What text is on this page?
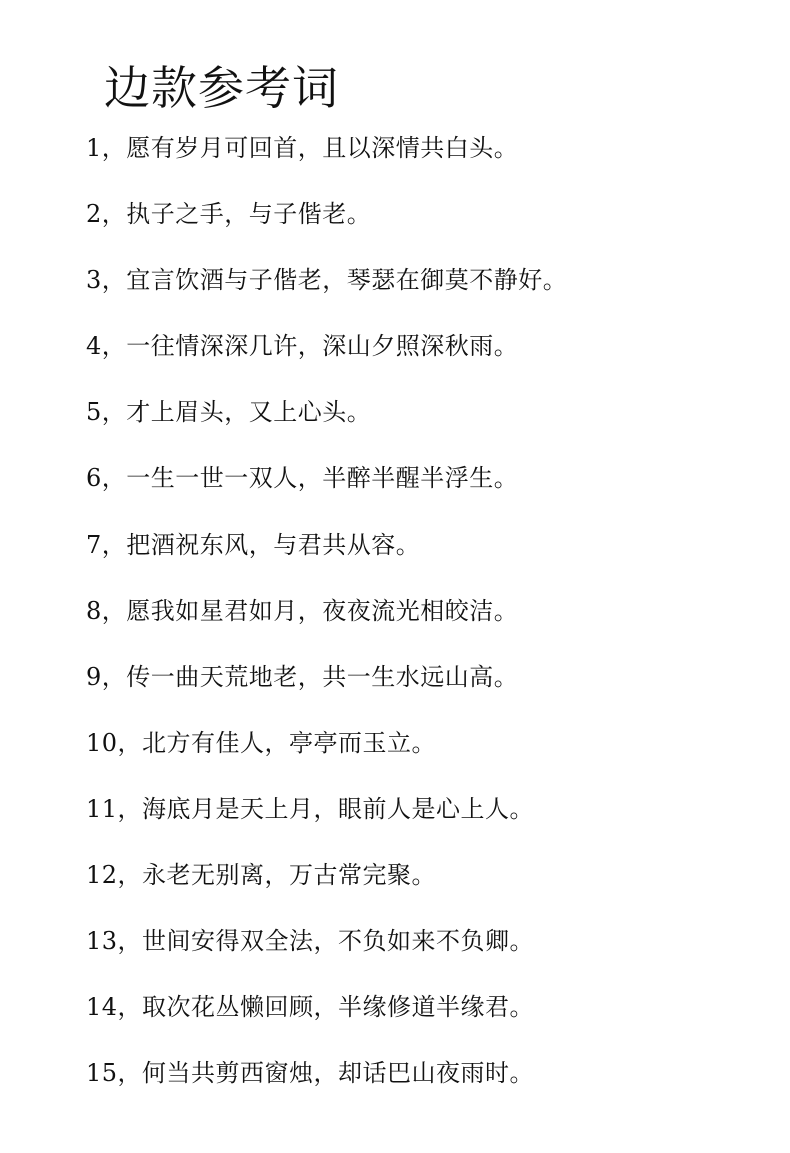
边款参考词
1，愿有岁月可回首，且以深情共白头。
2，执子之手，与子偕老。
3，宜言饮酒与子偕老，琴瑟在御莫不静好。
4，一往情深深几许，深山夕照深秋雨。
5，才上眉头，又上心头。
6，一生一世一双人，半醉半醒半浮生。
7，把酒祝东风，与君共从容。
8，愿我如星君如月，夜夜流光相皎洁。
9，传一曲天荒地老，共一生水远山高。
10，北方有佳人，亭亭而玉立。
11，海底月是天上月，眼前人是心上人。
12，永老无别离，万古常完聚。
13，世间安得双全法，不负如来不负卿。
14，取次花丛懒回顾，半缘修道半缘君。
15，何当共剪西窗烛，却话巴山夜雨时。
